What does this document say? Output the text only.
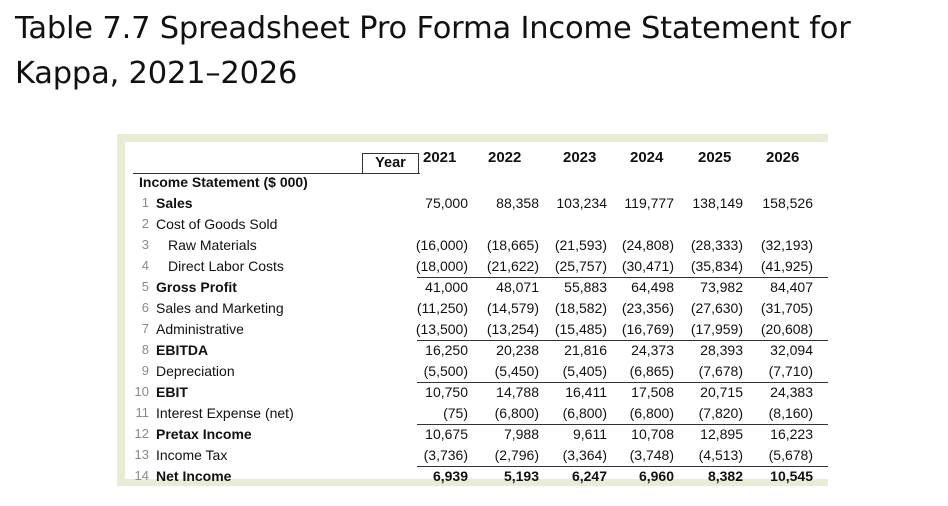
Table 7.7 Spreadsheet Pro Forma Income Statement for
Kappa, 2021–2026
Year	2021 2022	2023 2024 2025 2026
Income Statement ($ 000)
1 Sales	75,000	88,358	103,234	119,777	138,149	158,526
2 Cost of Goods Sold
3 Raw Materials	(16,000)	(18,665)	(21,593)	(24,808)	(28,333)	(32,193)
4 Direct Labor Costs	(18,000)	(21,622)	(25,757)	(30,471)	(35,834)	(41,925)
5 Gross Profit	41,000	48,071	55,883	64,498	73,982	84,407
6 Sales and Marketing	(11,250)	(14,579)	(18,582)	(23,356)	(27,630)	(31,705)
7 Administrative	(13,500)	(13,254)	(15,485)	(16,769)	(17,959)	(20,608)
8 EBITDA	16,250	20,238	21,816	24,373	28,393	32,094
9 Depreciation	(5,500)	(5,450)	(5,405)	(6,865)	(7,678)	(7,710)
10 EBIT	10,750	14,788	16,411	17,508	20,715	24,383
11 Interest Expense (net)	(75)	(6,800)	(6,800)	(6,800)	(7,820)	(8,160)
12 Pretax Income	10,675	7,988	9,611	10,708	12,895	16,223
13 Income Tax	(3,736)	(2,796)	(3,364)	(3,748)	(4,513)	(5,678)
14 Net Income	6,939	5,193	6,247	6,960	8,382	10,545
